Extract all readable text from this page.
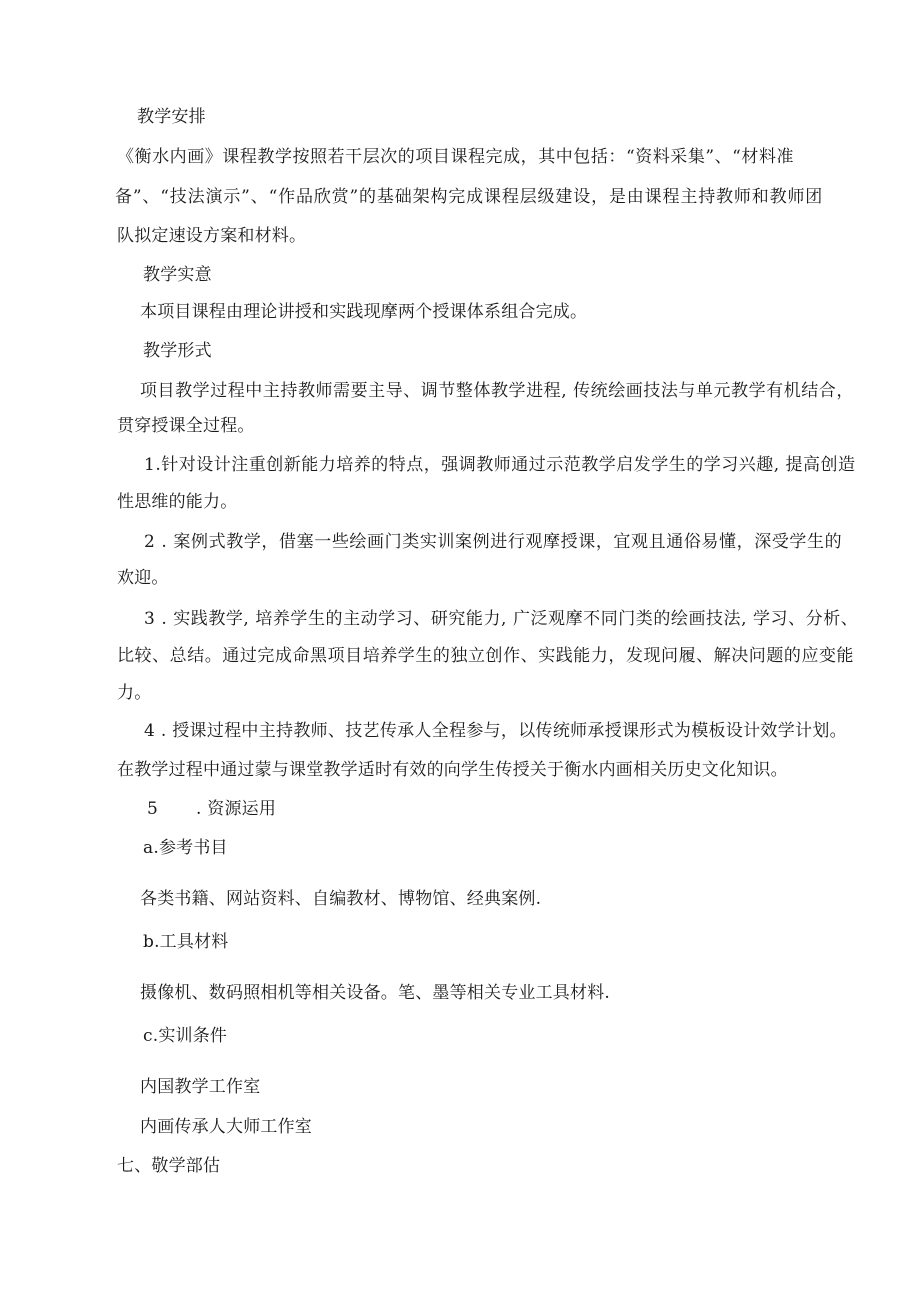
教学安排
《衡水内画》课程教学按照若干层次的项目课程完成，其中包括：“资料采集”、“材料准
备”、“技法演示”、“作品欣赏”的基础架构完成课程层级建设，是由课程主持教师和教师团
队拟定速设方案和材料。
教学实意
本项目课程由理论讲授和实践现摩两个授课体系组合完成。
教学形式
项目教学过程中主持教师需要主导、调节整体教学进程, 传统绘画技法与单元教学有机结合，
贯穿授课全过程。
1.针对设计注重创新能力培养的特点，强调教师通过示范教学启发学生的学习兴趣, 提高创造
性思维的能力。
2 . 案例式教学，借塞一些绘画门类实训案例进行观摩授课，宜观且通俗易懂，深受学生的
欢迎。
3 . 实践教学, 培养学生的主动学习、研究能力, 广泛观摩不同门类的绘画技法, 学习、分析、
比较、总结。通过完成命黑项目培养学生的独立创作、实践能力，发现问履、解决问题的应变能
力。
4 . 授课过程中主持教师、技艺传承人全程参与，以传统师承授课形式为模板设计效学计划。
在教学过程中通过蒙与课堂教学适时有效的向学生传授关于衡水内画相关历史文化知识。
5 . 资源运用
a.参考书目
各类书籍、网站资料、自编教材、博物馆、经典案例.
b.工具材料
摄像机、数码照相机等相关设备。笔、墨等相关专业工具材料.
c.实训条件
内国教学工作室
内画传承人大师工作室
七、敬学部估
